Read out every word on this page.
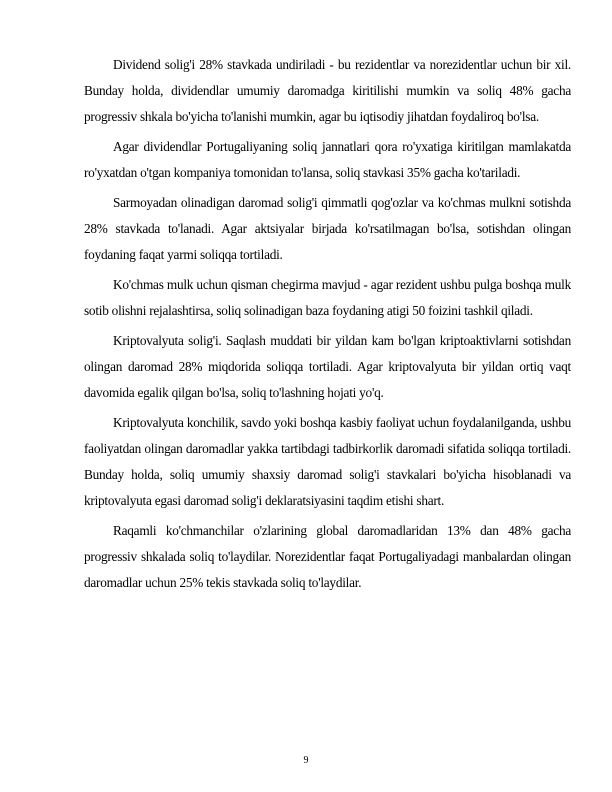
Dividend solig'i 28% stavkada undiriladi - bu rezidentlar va norezidentlar uchun bir xil. Bunday holda, dividendlar umumiy daromadga kiritilishi mumkin va soliq 48% gacha progressiv shkala bo'yicha to'lanishi mumkin, agar bu iqtisodiy jihatdan foydaliroq bo'lsa.

Agar dividendlar Portugaliyaning soliq jannatlari qora ro'yxatiga kiritilgan mamlakatda ro'yxatdan o'tgan kompaniya tomonidan to'lansa, soliq stavkasi 35% gacha ko'tariladi.

Sarmoyadan olinadigan daromad solig'i qimmatli qog'ozlar va ko'chmas mulkni sotishda 28% stavkada to'lanadi. Agar aktsiyalar birjada ko'rsatilmagan bo'lsa, sotishdan olingan foydaning faqat yarmi soliqqa tortiladi.

Ko'chmas mulk uchun qisman chegirma mavjud - agar rezident ushbu pulga boshqa mulk sotib olishni rejalashtirsa, soliq solinadigan baza foydaning atigi 50 foizini tashkil qiladi.

Kriptovalyuta solig'i. Saqlash muddati bir yildan kam bo'lgan kriptoaktivlarni sotishdan olingan daromad 28% miqdorida soliqqa tortiladi. Agar kriptovalyuta bir yildan ortiq vaqt davomida egalik qilgan bo'lsa, soliq to'lashning hojati yo'q.

Kriptovalyuta konchilik, savdo yoki boshqa kasbiy faoliyat uchun foydalanilganda, ushbu faoliyatdan olingan daromadlar yakka tartibdagi tadbirkorlik daromadi sifatida soliqqa tortiladi. Bunday holda, soliq umumiy shaxsiy daromad solig'i stavkalari bo'yicha hisoblanadi va kriptovalyuta egasi daromad solig'i deklaratsiyasini taqdim etishi shart.

Raqamli ko'chmanchilar o'zlarining global daromadlaridan 13% dan 48% gacha progressiv shkalada soliq to'laydilar. Norezidentlar faqat Portugaliyadagi manbalardan olingan daromadlar uchun 25% tekis stavkada soliq to'laydilar.

9
